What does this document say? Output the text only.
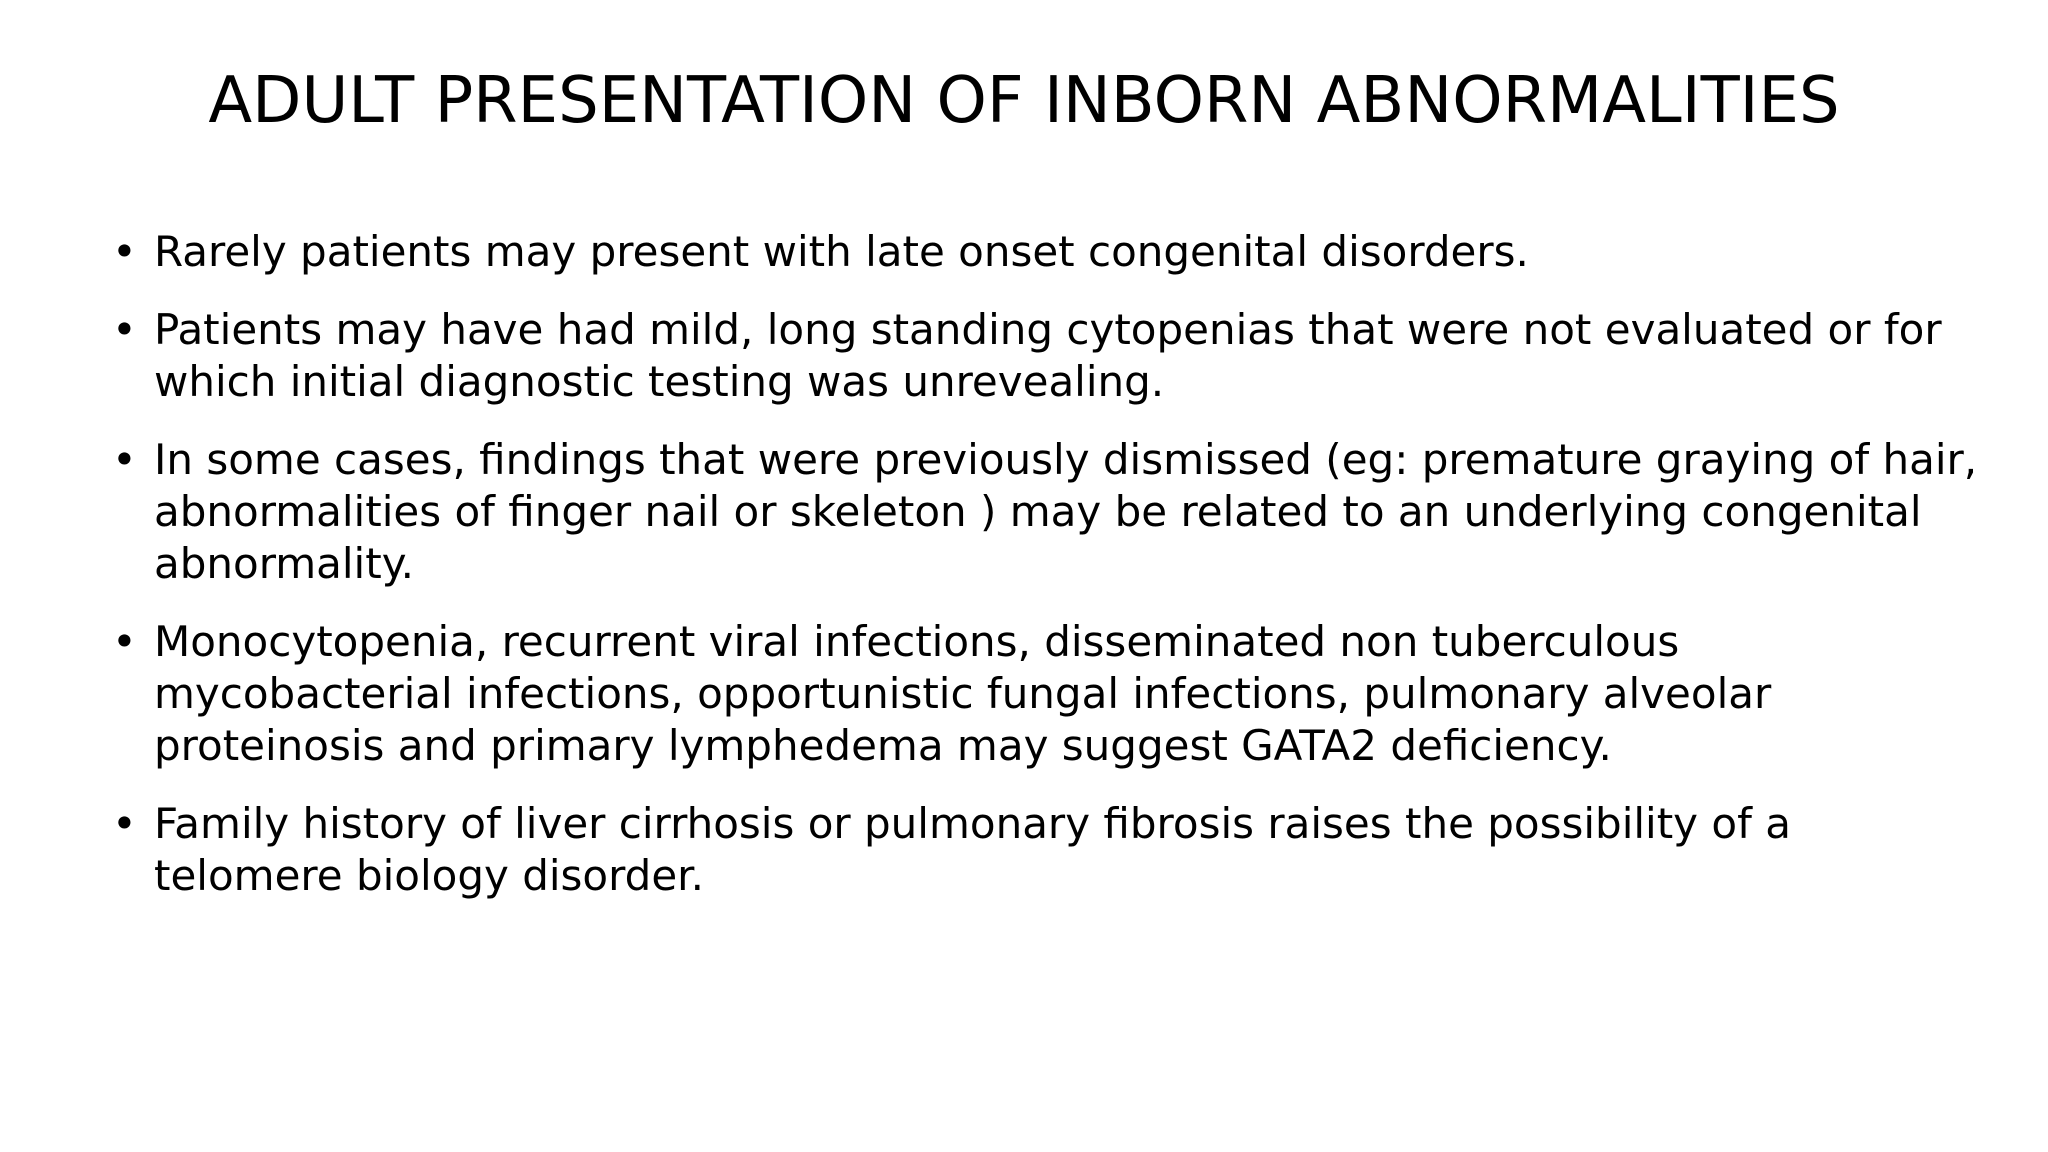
ADULT PRESENTATION OF INBORN ABNORMALITIES
• Rarely patients may present with late onset congenital disorders.
• Patients may have had mild, long standing cytopenias that were not evaluated or for which initial diagnostic testing was unrevealing.
• In some cases, findings that were previously dismissed (eg: premature graying of hair, abnormalities of finger nail or skeleton ) may be related to an underlying congenital abnormality.
• Monocytopenia, recurrent viral infections, disseminated non tuberculous mycobacterial infections, opportunistic fungal infections, pulmonary alveolar proteinosis and primary lymphedema may suggest GATA2 deficiency.
• Family history of liver cirrhosis or pulmonary fibrosis raises the possibility of a telomere biology disorder.
